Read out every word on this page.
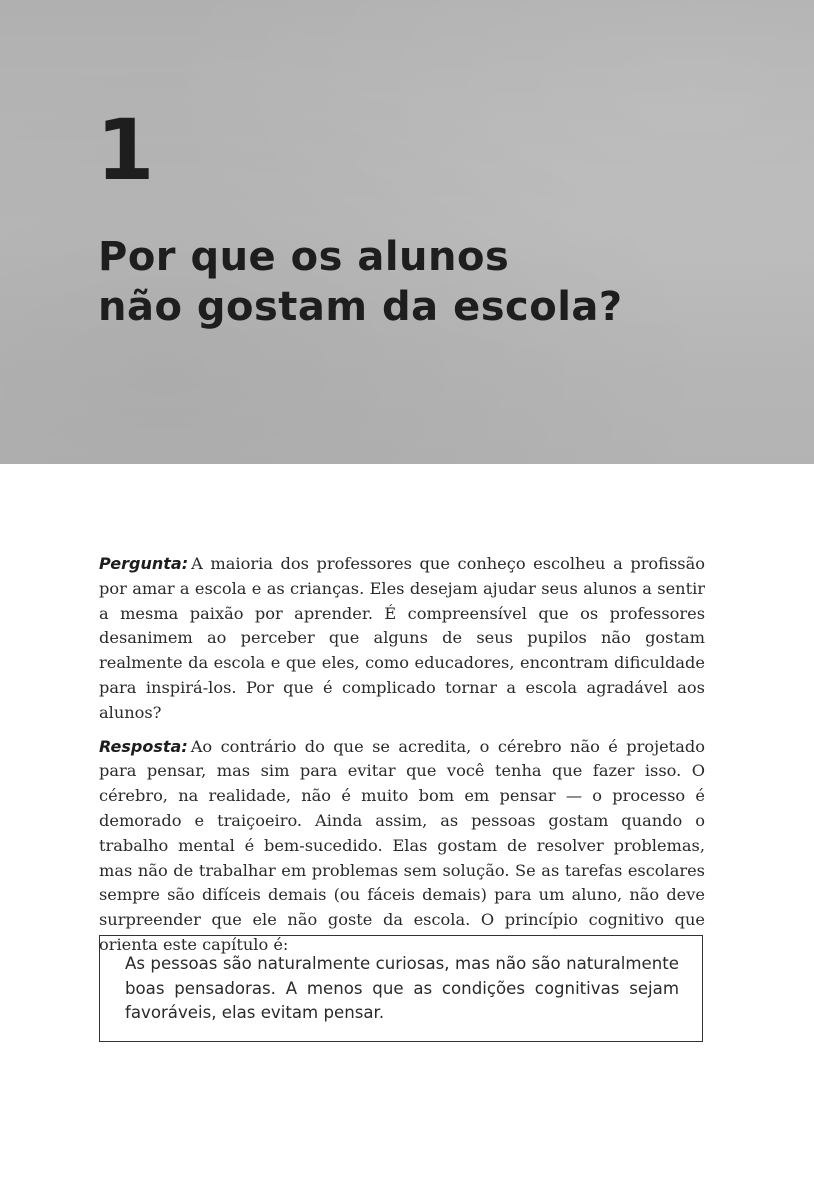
1
Por que os alunos
não gostam da escola?

Pergunta: A maioria dos professores que conheço escolheu a profissão por amar a escola e as crianças. Eles desejam ajudar seus alunos a sentir a mesma paixão por aprender. É compreensível que os professores desanimem ao perceber que alguns de seus pupilos não gostam realmente da escola e que eles, como educadores, encontram dificuldade para inspirá-los. Por que é complicado tornar a escola agradável aos alunos?

Resposta: Ao contrário do que se acredita, o cérebro não é projetado para pensar, mas sim para evitar que você tenha que fazer isso. O cérebro, na realidade, não é muito bom em pensar — o processo é demorado e traiçoeiro. Ainda assim, as pessoas gostam quando o trabalho mental é bem-sucedido. Elas gostam de resolver problemas, mas não de trabalhar em problemas sem solução. Se as tarefas escolares sempre são difíceis demais (ou fáceis demais) para um aluno, não deve surpreender que ele não goste da escola. O princípio cognitivo que orienta este capítulo é:

As pessoas são naturalmente curiosas, mas não são naturalmente boas pensadoras. A menos que as condições cognitivas sejam favoráveis, elas evitam pensar.
